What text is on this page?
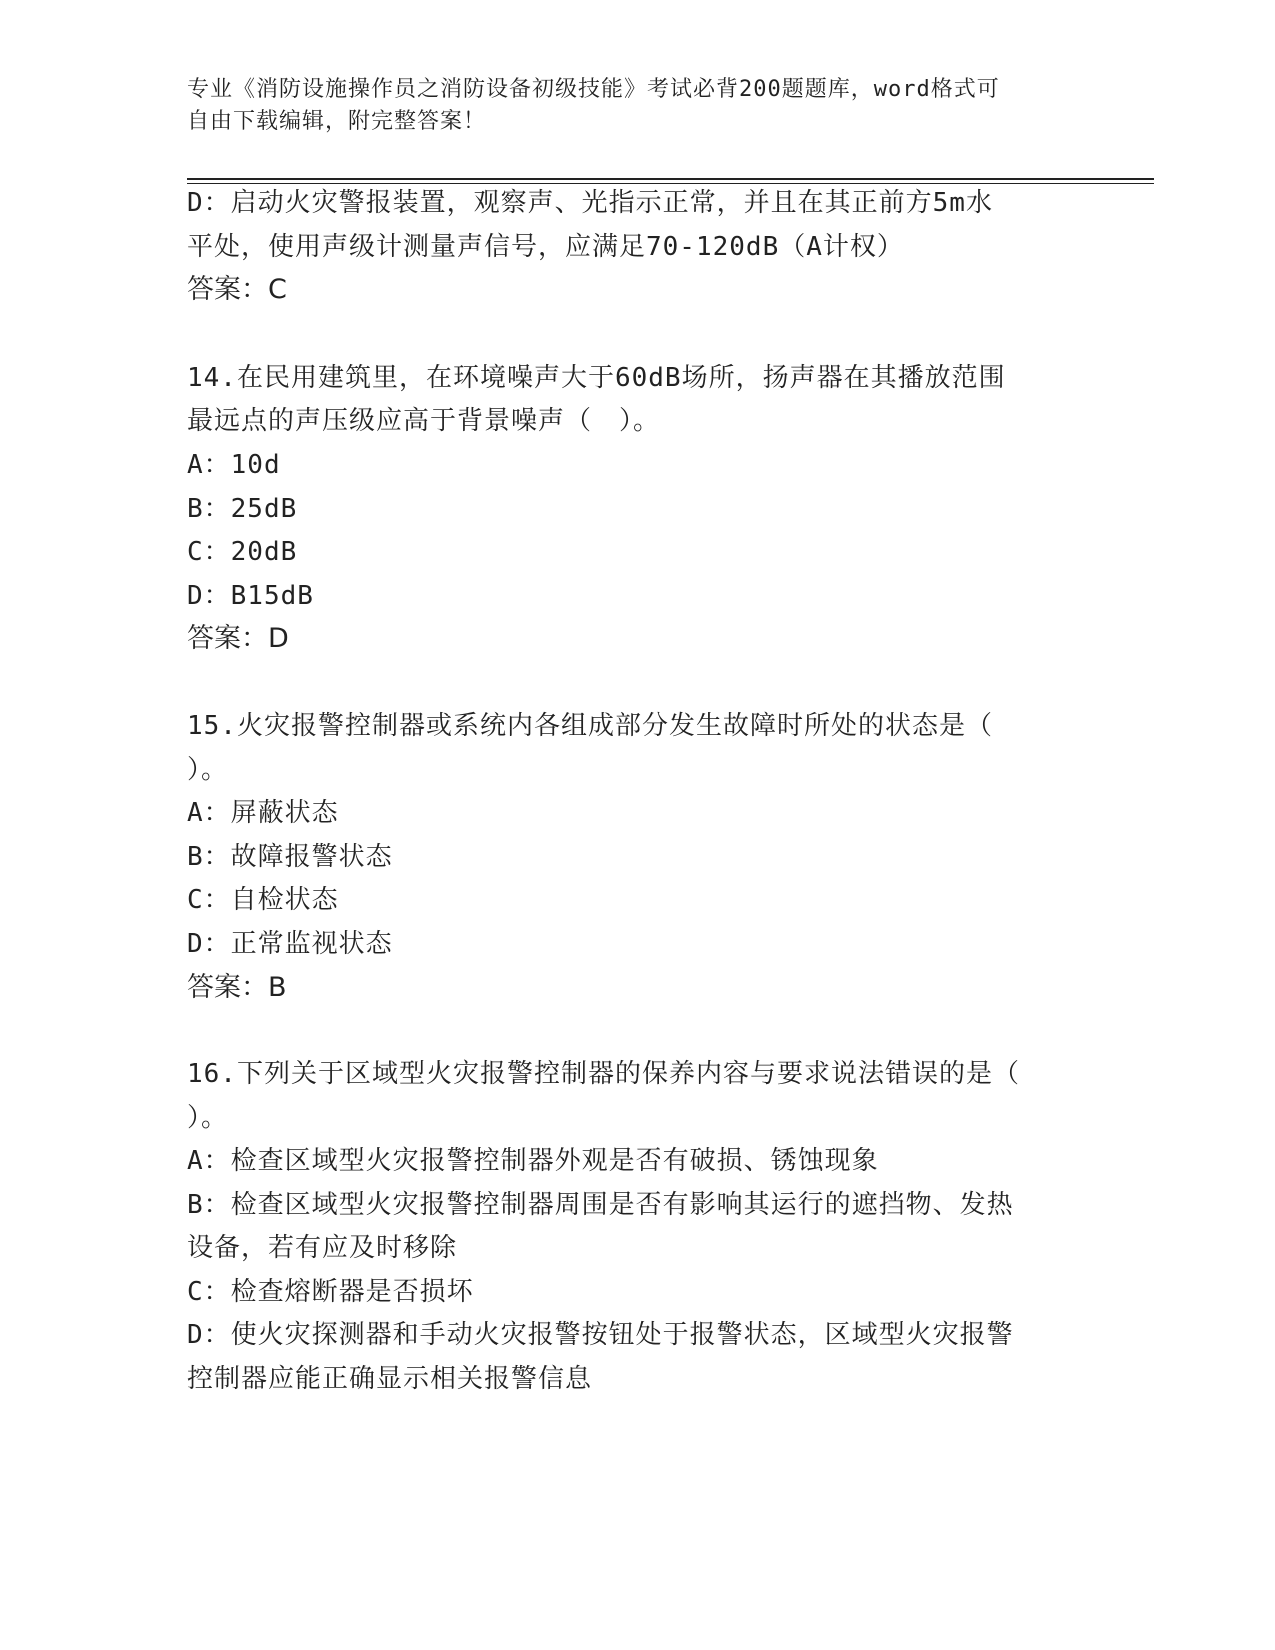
专业《消防设施操作员之消防设备初级技能》考试必背200题题库，word格式可
自由下载编辑，附完整答案！
D：启动火灾警报装置，观察声、光指示正常，并且在其正前方5m水
平处，使用声级计测量声信号，应满足70-120dB（A计权）
答案：C
14.在民用建筑里，在环境噪声大于60dB场所，扬声器在其播放范围
最远点的声压级应高于背景噪声（　）。
A：10d
B：25dB
C：20dB
D：B15dB
答案：D
15.火灾报警控制器或系统内各组成部分发生故障时所处的状态是（
）。
A：屏蔽状态
B：故障报警状态
C：自检状态
D：正常监视状态
答案：B
16.下列关于区域型火灾报警控制器的保养内容与要求说法错误的是（
）。
A：检查区域型火灾报警控制器外观是否有破损、锈蚀现象
B：检查区域型火灾报警控制器周围是否有影响其运行的遮挡物、发热
设备，若有应及时移除
C：检查熔断器是否损坏
D：使火灾探测器和手动火灾报警按钮处于报警状态，区域型火灾报警
控制器应能正确显示相关报警信息
